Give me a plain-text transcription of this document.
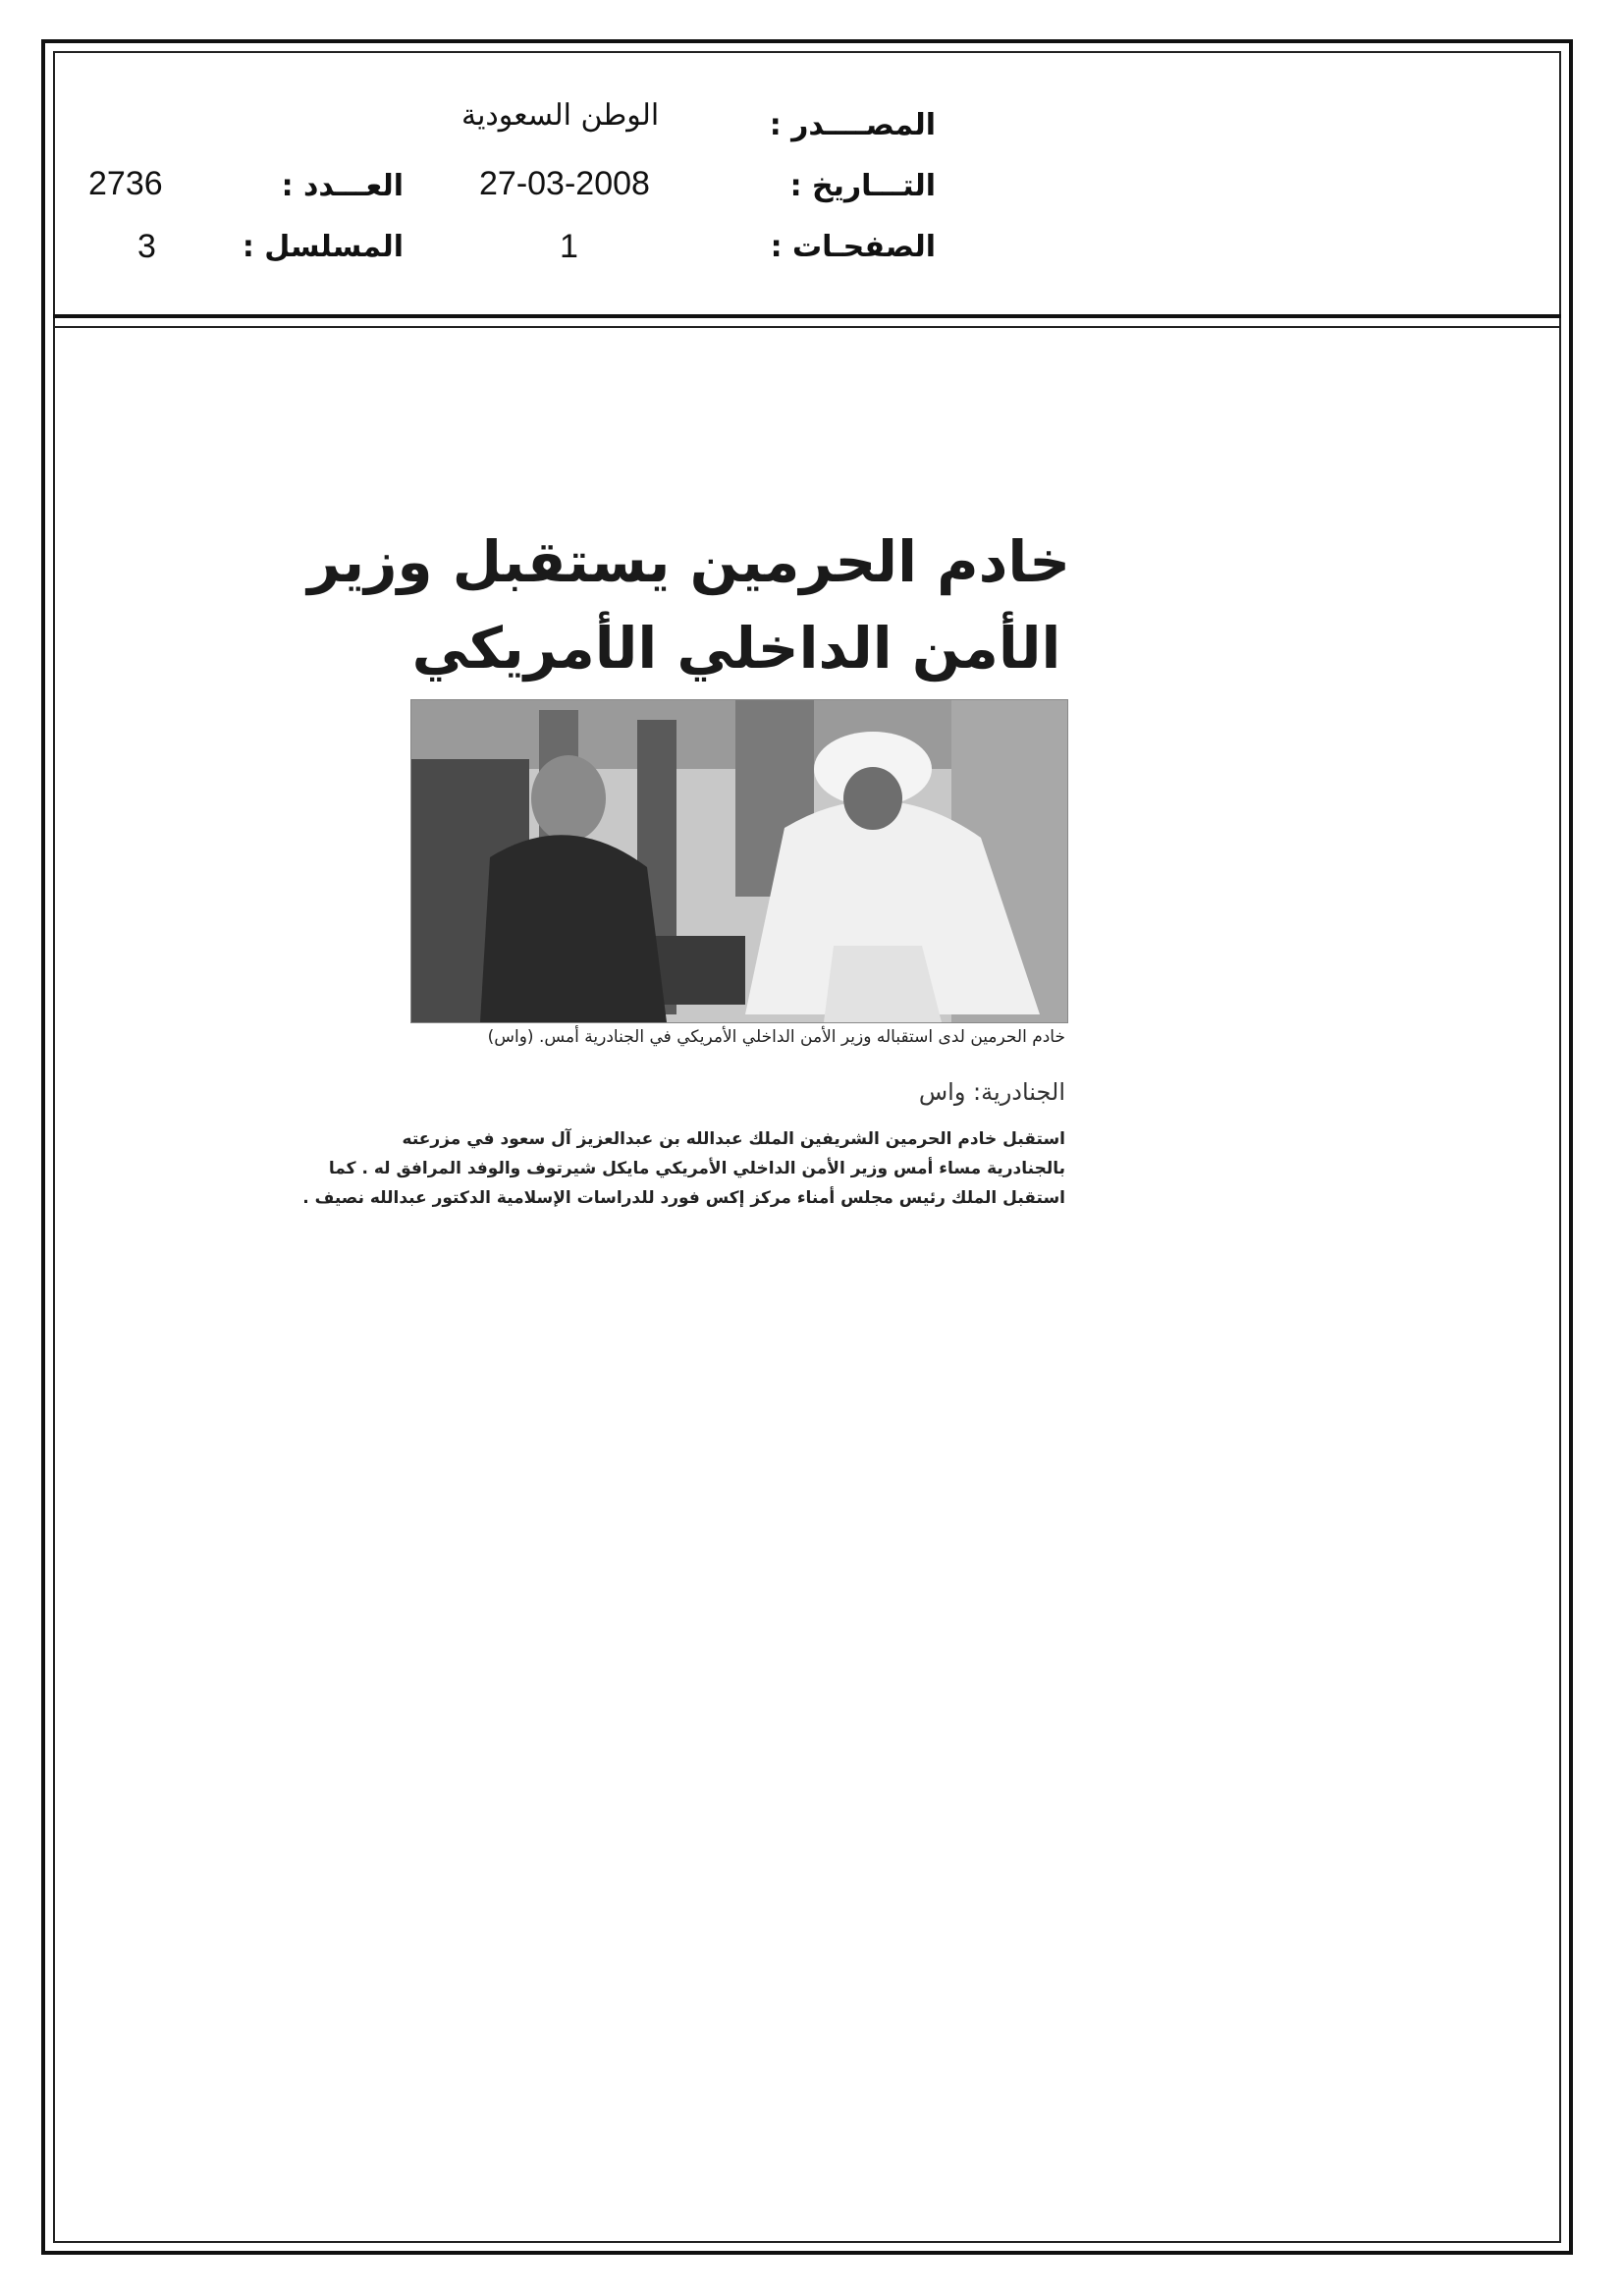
الوطن السعودية	المصــــدر :
27-03-2008	التـــاريخ :
2736	العـــدد :
1	الصفحـات :
3	المسلسل :
خادم الحرمين يستقبل وزير
الأمن الداخلي الأمريكي
خادم الحرمين لدى استقباله وزير الأمن الداخلي الأمريكي في الجنادرية أمس. (واس)
الجنادرية: واس
استقبل خادم الحرمين الشريفين الملك عبدالله بن عبدالعزيز آل سعود في مزرعته
بالجنادرية مساء أمس وزير الأمن الداخلي الأمريكي مايكل شيرتوف والوفد المرافق له . كما
استقبل الملك رئيس مجلس أمناء مركز إكس فورد للدراسات الإسلامية الدكتور عبدالله نصيف .
